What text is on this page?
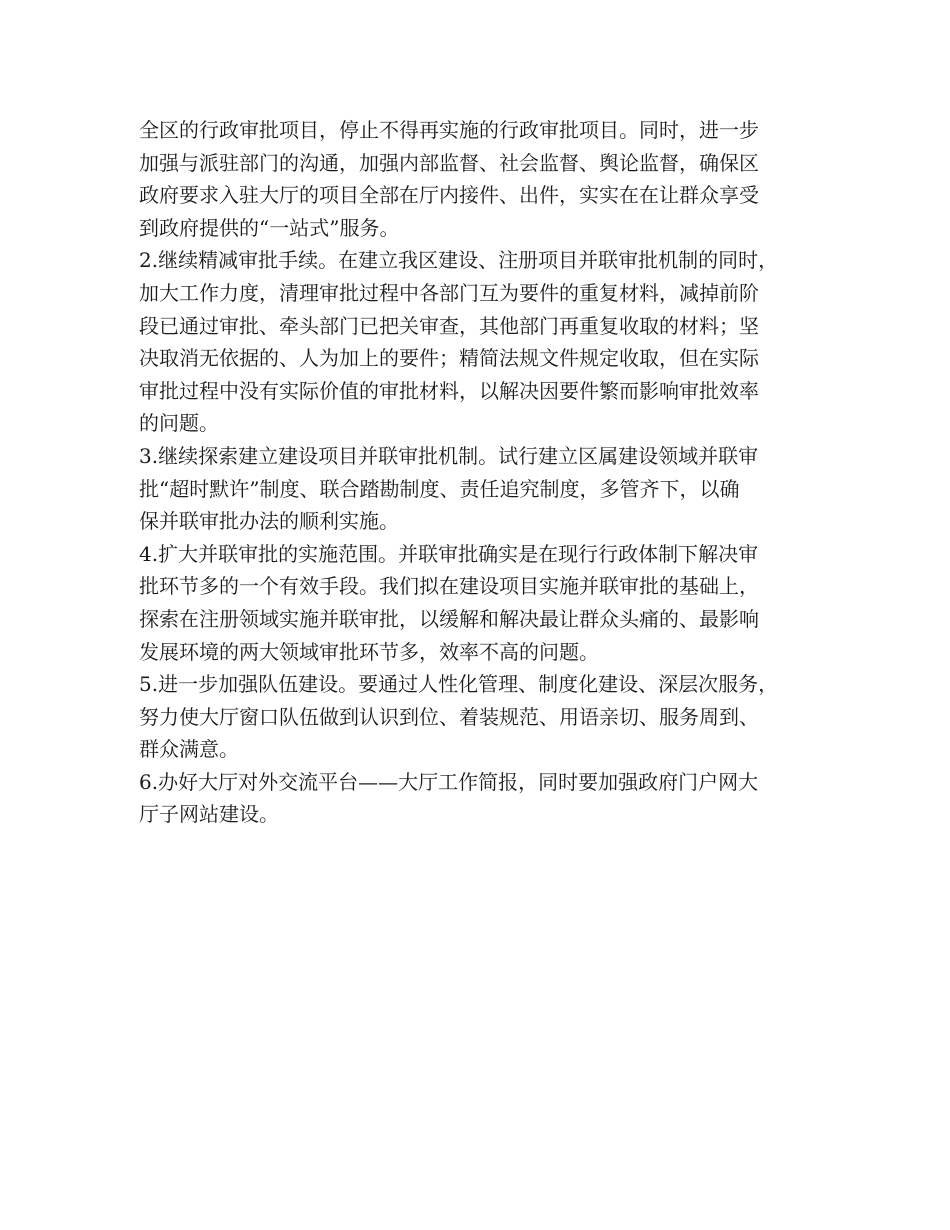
全区的行政审批项目，停止不得再实施的行政审批项目。同时，进一步
加强与派驻部门的沟通，加强内部监督、社会监督、舆论监督，确保区
政府要求入驻大厅的项目全部在厅内接件、出件，实实在在让群众享受
到政府提供的“一站式”服务。
2.继续精减审批手续。在建立我区建设、注册项目并联审批机制的同时，
加大工作力度，清理审批过程中各部门互为要件的重复材料，减掉前阶
段已通过审批、牵头部门已把关审查，其他部门再重复收取的材料；坚
决取消无依据的、人为加上的要件；精简法规文件规定收取，但在实际
审批过程中没有实际价值的审批材料，以解决因要件繁而影响审批效率
的问题。
3.继续探索建立建设项目并联审批机制。试行建立区属建设领域并联审
批“超时默许”制度、联合踏勘制度、责任追究制度，多管齐下，以确
保并联审批办法的顺利实施。
4.扩大并联审批的实施范围。并联审批确实是在现行行政体制下解决审
批环节多的一个有效手段。我们拟在建设项目实施并联审批的基础上，
探索在注册领域实施并联审批，以缓解和解决最让群众头痛的、最影响
发展环境的两大领域审批环节多，效率不高的问题。
5.进一步加强队伍建设。要通过人性化管理、制度化建设、深层次服务，
努力使大厅窗口队伍做到认识到位、着装规范、用语亲切、服务周到、
群众满意。
6.办好大厅对外交流平台——大厅工作简报，同时要加强政府门户网大
厅子网站建设。
